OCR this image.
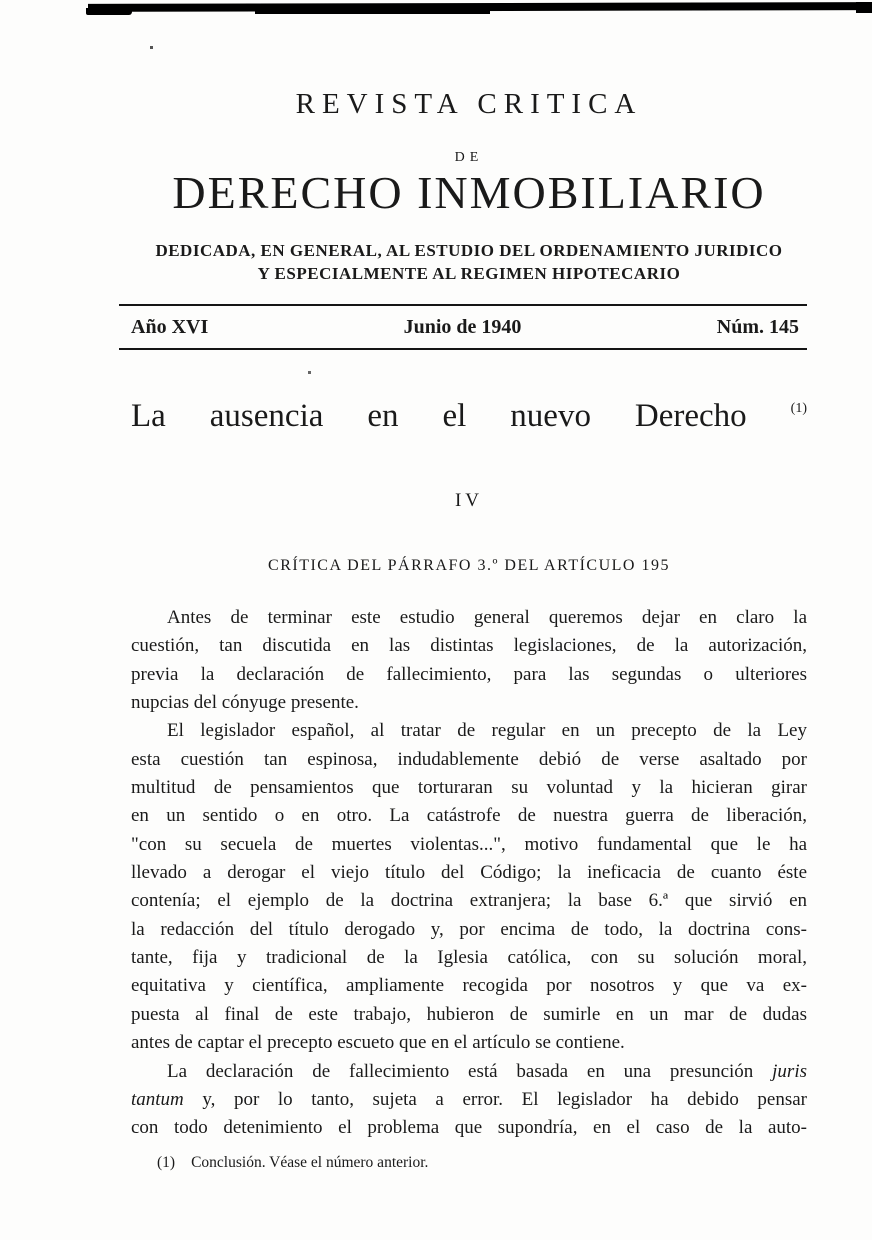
REVISTA CRITICA
DE
DERECHO INMOBILIARIO
DEDICADA, EN GENERAL, AL ESTUDIO DEL ORDENAMIENTO JURIDICO
Y ESPECIALMENTE AL REGIMEN HIPOTECARIO
Año XVI	Junio de 1940	Núm. 145
La ausencia en el nuevo Derecho	$^{(1)}$
IV
CRÍTICA DEL PÁRRAFO 3.º DEL ARTÍCULO 195
Antes de terminar este estudio general queremos dejar en claro la
cuestión, tan discutida en las distintas legislaciones, de la autorización,
previa la declaración de fallecimiento, para las segundas o ulteriores
nupcias del cónyuge presente.
El legislador español, al tratar de regular en un precepto de la Ley
esta cuestión tan espinosa, indudablemente debió de verse asaltado por
multitud de pensamientos que torturaran su voluntad y la hicieran girar
en un sentido o en otro. La catástrofe de nuestra guerra de liberación,
"con su secuela de muertes violentas...", motivo fundamental que le ha
llevado a derogar el viejo título del Código; la ineficacia de cuanto éste
contenía; el ejemplo de la doctrina extranjera; la base 6.ª que sirvió en
la redacción del título derogado y, por encima de todo, la doctrina cons-
tante, fija y tradicional de la Iglesia católica, con su solución moral,
equitativa y científica, ampliamente recogida por nosotros y que va ex-
puesta al final de este trabajo, hubieron de sumirle en un mar de dudas
antes de captar el precepto escueto que en el artículo se contiene.
La declaración de fallecimiento está basada en una presunción juris
tantum y, por lo tanto, sujeta a error. El legislador ha debido pensar
con todo detenimiento el problema que supondría, en el caso de la auto-
(1) Conclusión. Véase el número anterior.
